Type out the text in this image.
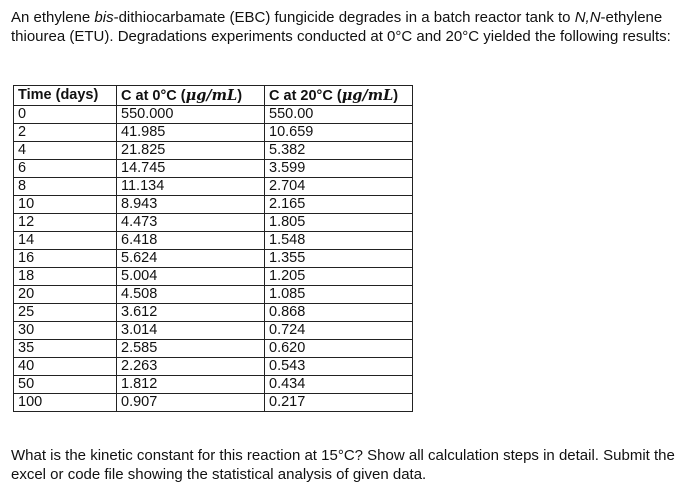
An ethylene bis-dithiocarbamate (EBC) fungicide degrades in a batch reactor tank to N,N-ethylene thiourea (ETU). Degradations experiments conducted at 0°C and 20°C yielded the following results:

Time (days)	C at 0°C (μg/mL)	C at 20°C (μg/mL)
0	550.000	550.00
2	41.985	10.659
4	21.825	5.382
6	14.745	3.599
8	11.134	2.704
10	8.943	2.165
12	4.473	1.805
14	6.418	1.548
16	5.624	1.355
18	5.004	1.205
20	4.508	1.085
25	3.612	0.868
30	3.014	0.724
35	2.585	0.620
40	2.263	0.543
50	1.812	0.434
100	0.907	0.217

What is the kinetic constant for this reaction at 15°C? Show all calculation steps in detail. Submit the excel or code file showing the statistical analysis of given data.
